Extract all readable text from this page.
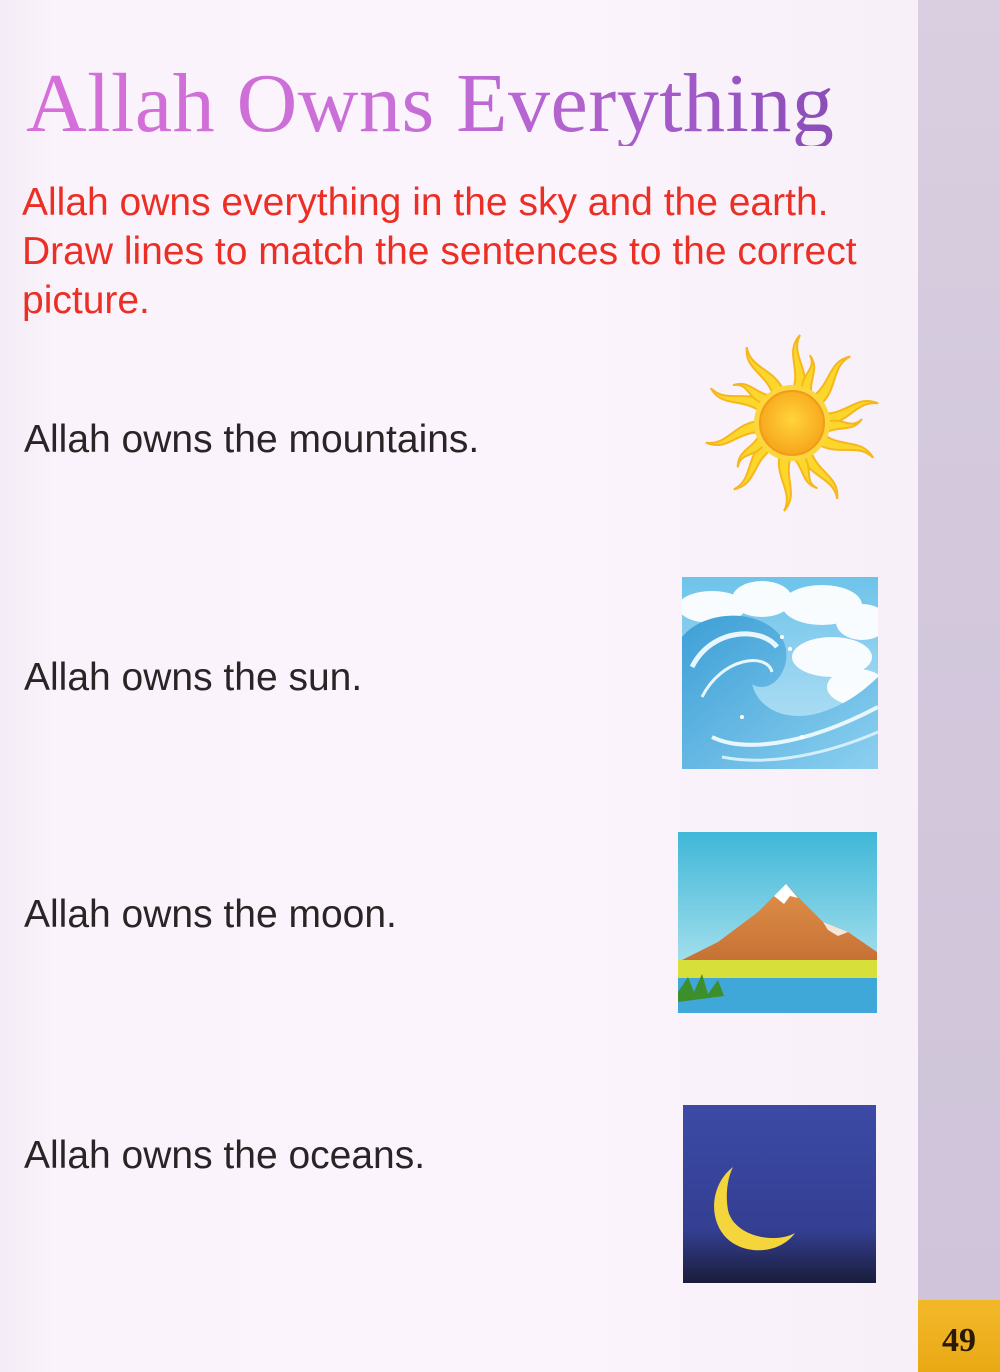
Allah Owns Everything

Allah owns everything in the sky and the earth. Draw lines to match the sentences to the correct picture.

Allah owns the mountains.
Allah owns the sun.
Allah owns the moon.
Allah owns the oceans.
49
